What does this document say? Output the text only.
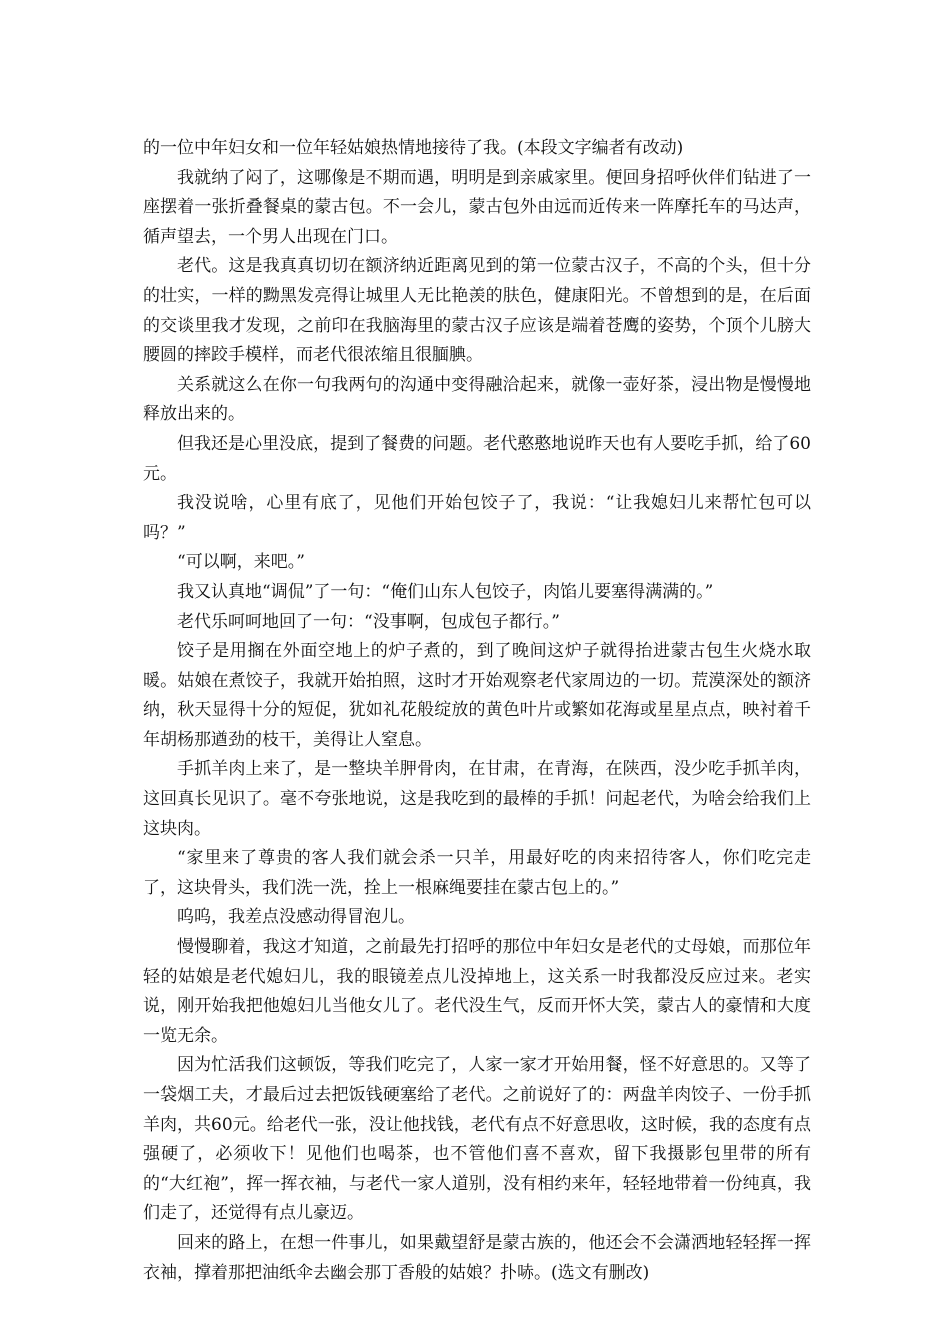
的一位中年妇女和一位年轻姑娘热情地接待了我。(本段文字编者有改动)

我就纳了闷了，这哪像是不期而遇，明明是到亲戚家里。便回身招呼伙伴们钻进了一座摆着一张折叠餐桌的蒙古包。不一会儿，蒙古包外由远而近传来一阵摩托车的马达声，循声望去，一个男人出现在门口。

老代。这是我真真切切在额济纳近距离见到的第一位蒙古汉子，不高的个头，但十分的壮实，一样的黝黑发亮得让城里人无比艳羡的肤色，健康阳光。不曾想到的是，在后面的交谈里我才发现，之前印在我脑海里的蒙古汉子应该是端着苍鹰的姿势，个顶个儿膀大腰圆的摔跤手模样，而老代很浓缩且很腼腆。

关系就这么在你一句我两句的沟通中变得融洽起来，就像一壶好茶，浸出物是慢慢地释放出来的。

但我还是心里没底，提到了餐费的问题。老代憨憨地说昨天也有人要吃手抓，给了60元。

我没说啥，心里有底了，见他们开始包饺子了，我说：“让我媳妇儿来帮忙包可以吗？”

“可以啊，来吧。”

我又认真地“调侃”了一句：“俺们山东人包饺子，肉馅儿要塞得满满的。”

老代乐呵呵地回了一句：“没事啊，包成包子都行。”

饺子是用搁在外面空地上的炉子煮的，到了晚间这炉子就得抬进蒙古包生火烧水取暖。姑娘在煮饺子，我就开始拍照，这时才开始观察老代家周边的一切。荒漠深处的额济纳，秋天显得十分的短促，犹如礼花般绽放的黄色叶片或繁如花海或星星点点，映衬着千年胡杨那遒劲的枝干，美得让人窒息。

手抓羊肉上来了，是一整块羊胛骨肉，在甘肃，在青海，在陕西，没少吃手抓羊肉，这回真长见识了。毫不夸张地说，这是我吃到的最棒的手抓！问起老代，为啥会给我们上这块肉。

“家里来了尊贵的客人我们就会杀一只羊，用最好吃的肉来招待客人，你们吃完走了，这块骨头，我们洗一洗，拴上一根麻绳要挂在蒙古包上的。”

呜呜，我差点没感动得冒泡儿。

慢慢聊着，我这才知道，之前最先打招呼的那位中年妇女是老代的丈母娘，而那位年轻的姑娘是老代媳妇儿，我的眼镜差点儿没掉地上，这关系一时我都没反应过来。老实说，刚开始我把他媳妇儿当他女儿了。老代没生气，反而开怀大笑，蒙古人的豪情和大度一览无余。

因为忙活我们这顿饭，等我们吃完了，人家一家才开始用餐，怪不好意思的。又等了一袋烟工夫，才最后过去把饭钱硬塞给了老代。之前说好了的：两盘羊肉饺子、一份手抓羊肉，共60元。给老代一张，没让他找钱，老代有点不好意思收，这时候，我的态度有点强硬了，必须收下！见他们也喝茶，也不管他们喜不喜欢，留下我摄影包里带的所有的“大红袍”，挥一挥衣袖，与老代一家人道别，没有相约来年，轻轻地带着一份纯真，我们走了，还觉得有点儿豪迈。

回来的路上，在想一件事儿，如果戴望舒是蒙古族的，他还会不会潇洒地轻轻挥一挥衣袖，撑着那把油纸伞去幽会那丁香般的姑娘？扑哧。(选文有删改)
